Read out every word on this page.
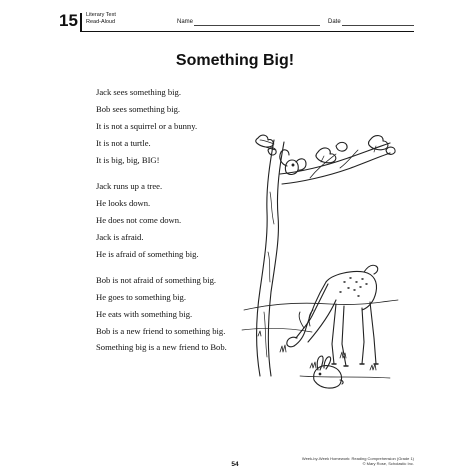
15 Literary Text
Read-Aloud	Name	Date
Something Big!
Jack sees something big.
Bob sees something big.
It is not a squirrel or a bunny.
It is not a turtle.
It is big, big, BIG!
Jack runs up a tree.
He looks down.
He does not come down.
Jack is afraid.
He is afraid of something big.
Bob is not afraid of something big.
He goes to something big.
He eats with something big.
Bob is a new friend to something big.
Something big is a new friend to Bob.
54
Week-by-Week Homework: Reading Comprehension (Grade 1)
© Mary Rose, Scholastic Inc.
